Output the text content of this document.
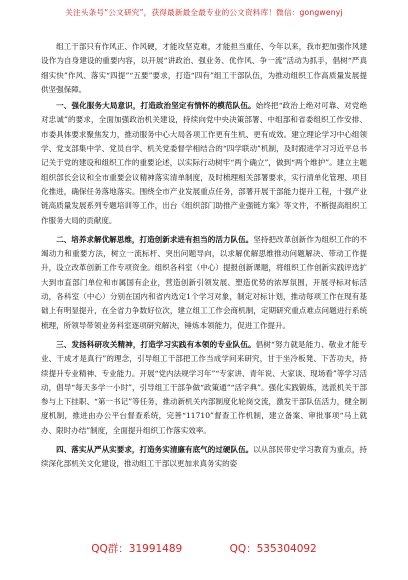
关注头条号“公文研究”，获得最新最全最专业的公文资料库！微信：gongwenyj

组工干部只有作风正、作风硬，才能攻坚克难，才能担当重任、今年以来，我市把加强作风建设作为自身建设的重要内容，以开展“讲政治、强业务、优作风、争一流”活动为抓手，倡树“严真细实快”作风、落实“四提”“五要”要求，打造“四有”组工干部队伍，为推动组织工作高质量发展提供坚强保障。

一、强化服务大局意识，打造政治坚定有情怀的模范队伍。始终把“政治上绝对可靠、对党绝对忠诚”的要求，全面加强政治机关建设，持续向党中央决策部署、中组部和省委组织工作安排、市委具体要求聚焦发力，推动服务中心大局各项工作更有生机、更有成效。建立理论学习中心组领学、党支部集中学、党员自学、机关党委督学相结合的“四学联动”机制，及时跟进学习习近平总书记关于党的建设和组织工作的重要论述，以实际行动树牢“两个确立”，做到“两个维护”。建立主题组织部长会议和全市重要会议精神落实清单制度，及时梳理相关部署要求，实行清单化管理、项目化推进，确保任务落地落实。围绕全市产业发展重点任务，部署开展干部能力提升工程，十强产业链高质量发展系列专题培训等工作，出台《组织部门助推产业强链方案》等文件，不断提高组织工作服务大局的贡献度。

二、培养求解优解思维，打造创新求进有担当的活力队伍。坚持把改革创新作为组织工作的不竭动力和重要方法，树立一流标杆、突出问题导向，以求解优解思维推动问题解决、带动工作提升，设立改革创新工作专项资金。组织各科室（中心）提报创新课题，将组织工作创新实践评选扩大到市直部门单位和市属国有企业，营造创新引领发展、塑造优势的浓厚氛围，开展寻标对标活动，各科室（中心）分别在国内和省内选定1个学习对象，制定对标计划，推动每项工作在现有基础上有明显提升，在全省力争数好位次，建立组工工作会商机制，定期研究重点难点问题进行系统梳理，所领导带领业务科室逐项研究解决，锤炼本领能力，促进工作提升。

三、发扬科研攻关精神，打造学习实践有本领的专业队伍。倡树“努力就是能力、敬业才能专业、干成才是真行”的理念，引导组工干部把工作当成学问来研究，甘于坐冷板凳、下苦功夫，持续提升专业精神、专业能力。开展“党内法规学习年”“专家讲、青年说、大家谈、现场看”等学习活动，倡导“每天多学一小时”，引导组工干部争做“政策通”“活字典”。强化实践锻炼，选派机关干部参与上下挂职、“第一书记”等任务，推动新机关内部制度化轮岗交流，激发干部队伍活力，健全制度机制，推进由办公平台督查系统，完善“11710”督查工作机制，建立备案、审批事项“马上就办、限时办结”制度，全面提升组织工作落实效率。

四、落实从严从实要求，打造务实清廉有底气的过硬队伍。以从部民带史学习教育为重点，持续深化部机关文化建设，推动组工干部以更加求真务实的姿

QQ群：31991489	QQ：535304092
